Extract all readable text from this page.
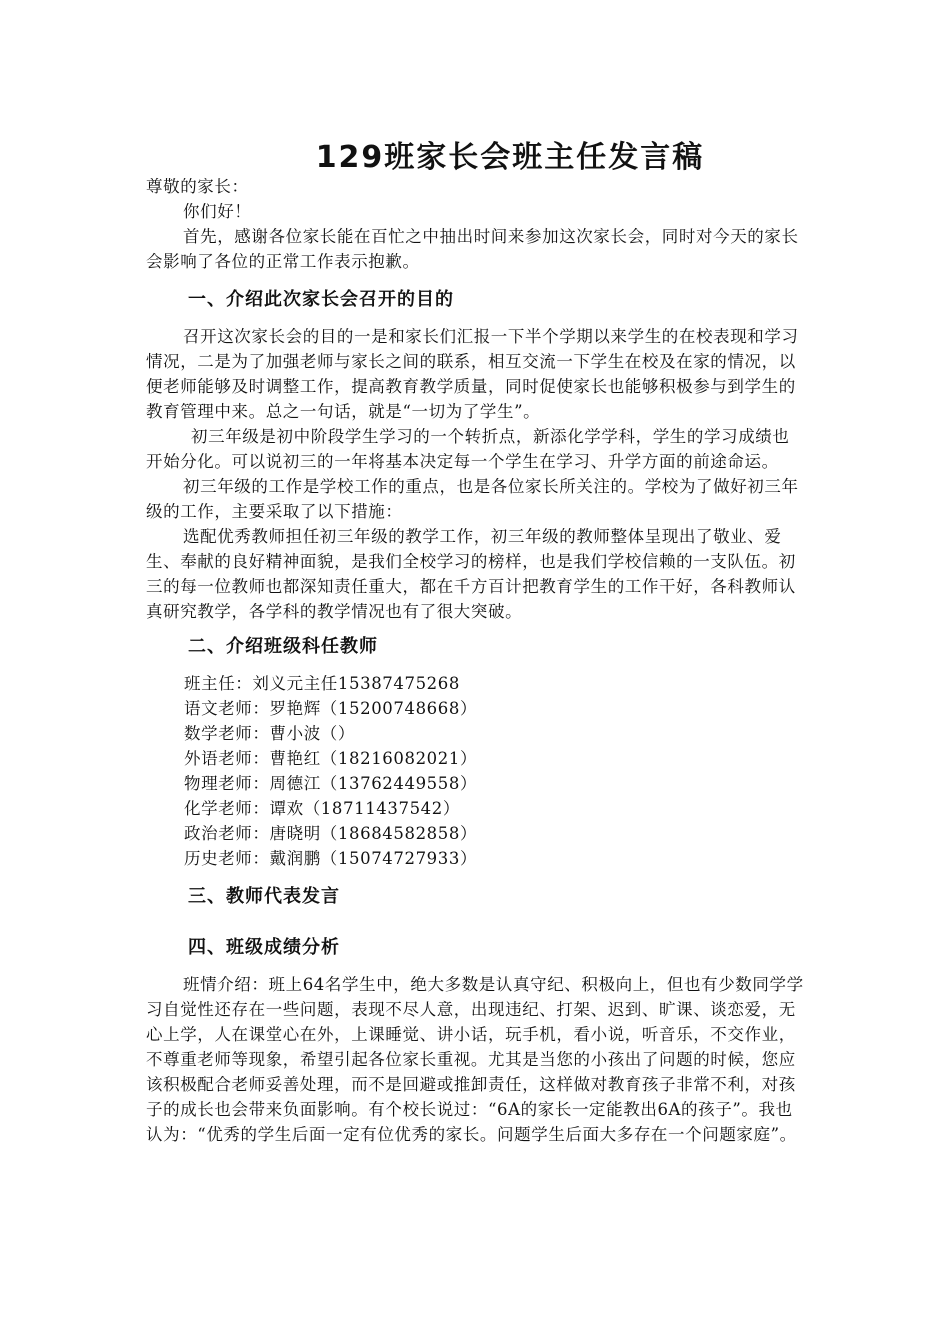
129班家长会班主任发言稿

尊敬的家长：

你们好！

首先，感谢各位家长能在百忙之中抽出时间来参加这次家长会，同时对今天的家长会影响了各位的正常工作表示抱歉。

一、介绍此次家长会召开的目的

召开这次家长会的目的一是和家长们汇报一下半个学期以来学生的在校表现和学习情况，二是为了加强老师与家长之间的联系，相互交流一下学生在校及在家的情况，以便老师能够及时调整工作，提高教育教学质量，同时促使家长也能够积极参与到学生的教育管理中来。总之一句话，就是“一切为了学生”。

初三年级是初中阶段学生学习的一个转折点，新添化学学科，学生的学习成绩也开始分化。可以说初三的一年将基本决定每一个学生在学习、升学方面的前途命运。

初三年级的工作是学校工作的重点，也是各位家长所关注的。学校为了做好初三年级的工作，主要采取了以下措施：

选配优秀教师担任初三年级的教学工作，初三年级的教师整体呈现出了敬业、爱生、奉献的良好精神面貌，是我们全校学习的榜样，也是我们学校信赖的一支队伍。初三的每一位教师也都深知责任重大，都在千方百计把教育学生的工作干好，各科教师认真研究教学，各学科的教学情况也有了很大突破。

二、介绍班级科任教师
班主任：刘义元主任15387475268
语文老师：罗艳辉（15200748668）
数学老师：曹小波（）
外语老师：曹艳红（18216082021）
物理老师：周德江（13762449558）
化学老师：谭欢（18711437542）
政治老师：唐晓明（18684582858）
历史老师：戴润鹏（15074727933）
三、教师代表发言
四、班级成绩分析

班情介绍：班上64名学生中，绝大多数是认真守纪、积极向上，但也有少数同学学习自觉性还存在一些问题，表现不尽人意，出现违纪、打架、迟到、旷课、谈恋爱，无心上学，人在课堂心在外，上课睡觉、讲小话，玩手机，看小说，听音乐，不交作业，不尊重老师等现象，希望引起各位家长重视。尤其是当您的小孩出了问题的时候，您应该积极配合老师妥善处理，而不是回避或推卸责任，这样做对教育孩子非常不利，对孩子的成长也会带来负面影响。有个校长说过：“6A的家长一定能教出6A的孩子”。我也认为：“优秀的学生后面一定有位优秀的家长。问题学生后面大多存在一个问题家庭”。
